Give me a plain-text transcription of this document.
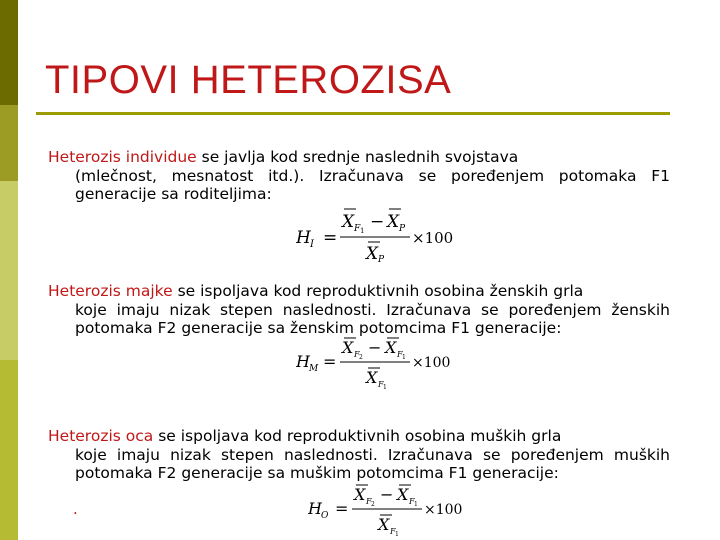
TIPOVI HETEROZISA
Heterozis individue se javlja kod srednje naslednih svojstava
(mlečnost, mesnatost itd.). Izračunava se poređenjem potomaka F1 generacije sa roditeljima:
H I =
X F 1 − X P
X P
×100
Heterozis majke se ispoljava kod reproduktivnih osobina ženskih grla
koje imaju nizak stepen naslednosti. Izračunava se poređenjem ženskih potomaka F2 generacije sa ženskim potomcima F1 generacije:
H M =
X F 2
− X F 1
X F 1
×100
Heterozis oca se ispoljava kod reproduktivnih osobina muških grla
koje imaju nizak stepen naslednosti. Izračunava se poređenjem muških potomaka F2 generacije sa muškim potomcima F1 generacije:
.	H O =
X F 2
− X F 1
X F 1
×100
